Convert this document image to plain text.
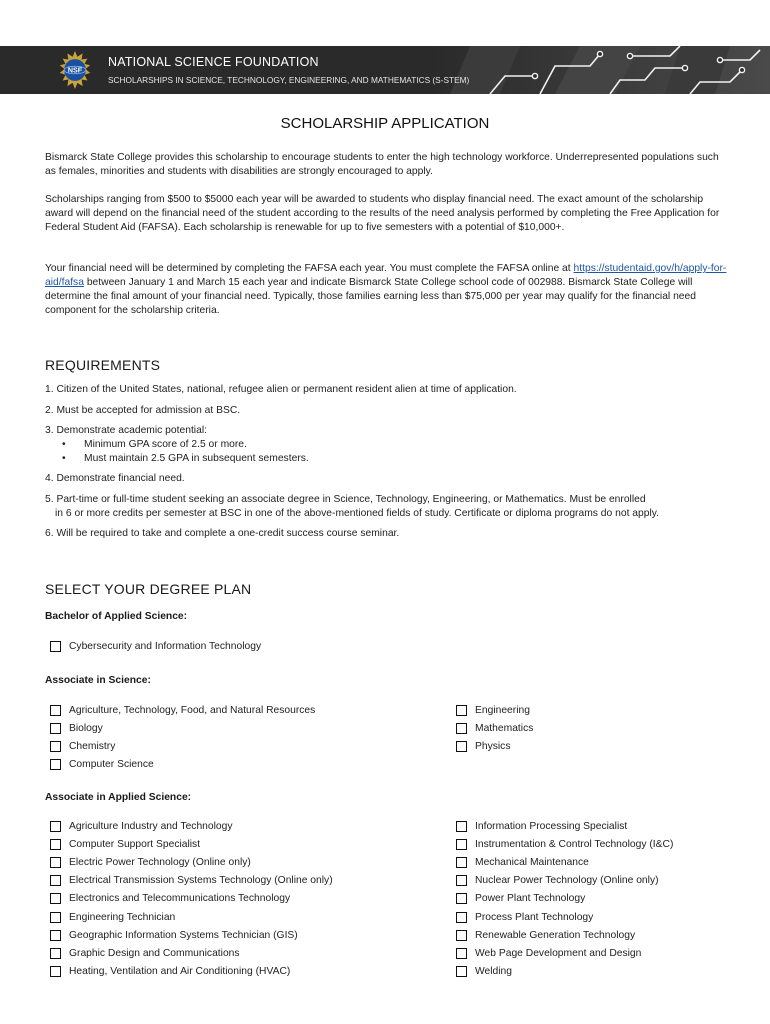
NSF
NATIONAL SCIENCE FOUNDATION
SCHOLARSHIPS IN SCIENCE, TECHNOLOGY, ENGINEERING, AND MATHEMATICS (S-STEM)
SCHOLARSHIP APPLICATION

Bismarck State College provides this scholarship to encourage students to enter the high technology workforce. Underrepresented populations such as females, minorities and students with disabilities are strongly encouraged to apply.

Scholarships ranging from $500 to $5000 each year will be awarded to students who display financial need. The exact amount of the scholarship award will depend on the financial need of the student according to the results of the need analysis performed by completing the Free Application for Federal Student Aid (FAFSA). Each scholarship is renewable for up to five semesters with a potential of $10,000+.

Your financial need will be determined by completing the FAFSA each year. You must complete the FAFSA online at https://studentaid.gov/h/apply-for-aid/fafsa between January 1 and March 15 each year and indicate Bismarck State College school code of 002988. Bismarck State College will determine the final amount of your financial need. Typically, those families earning less than $75,000 per year may qualify for the financial need component for the scholarship criteria.

REQUIREMENTS

1. Citizen of the United States, national, refugee alien or permanent resident alien at time of application.

2. Must be accepted for admission at BSC.

3. Demonstrate academic potential:

• Minimum GPA score of 2.5 or more.

• Must maintain 2.5 GPA in subsequent semesters.

4. Demonstrate financial need.

5. Part-time or full-time student seeking an associate degree in Science, Technology, Engineering, or Mathematics. Must be enrolled
in 6 or more credits per semester at BSC in one of the above-mentioned fields of study. Certificate or diploma programs do not apply.

6. Will be required to take and complete a one-credit success course seminar.

SELECT YOUR DEGREE PLAN
Bachelor of Applied Science:
Cybersecurity and Information Technology
Associate in Science:
Agriculture, Technology, Food, and Natural Resources
Biology
Chemistry
Computer Science
Engineering
Mathematics
Physics
Associate in Applied Science:
Agriculture Industry and Technology
Computer Support Specialist
Electric Power Technology (Online only)
Electrical Transmission Systems Technology (Online only)
Electronics and Telecommunications Technology
Engineering Technician
Geographic Information Systems Technician (GIS)
Graphic Design and Communications
Heating, Ventilation and Air Conditioning (HVAC)
Information Processing Specialist
Instrumentation & Control Technology (I&C)
Mechanical Maintenance
Nuclear Power Technology (Online only)
Power Plant Technology
Process Plant Technology
Renewable Generation Technology
Web Page Development and Design
Welding
